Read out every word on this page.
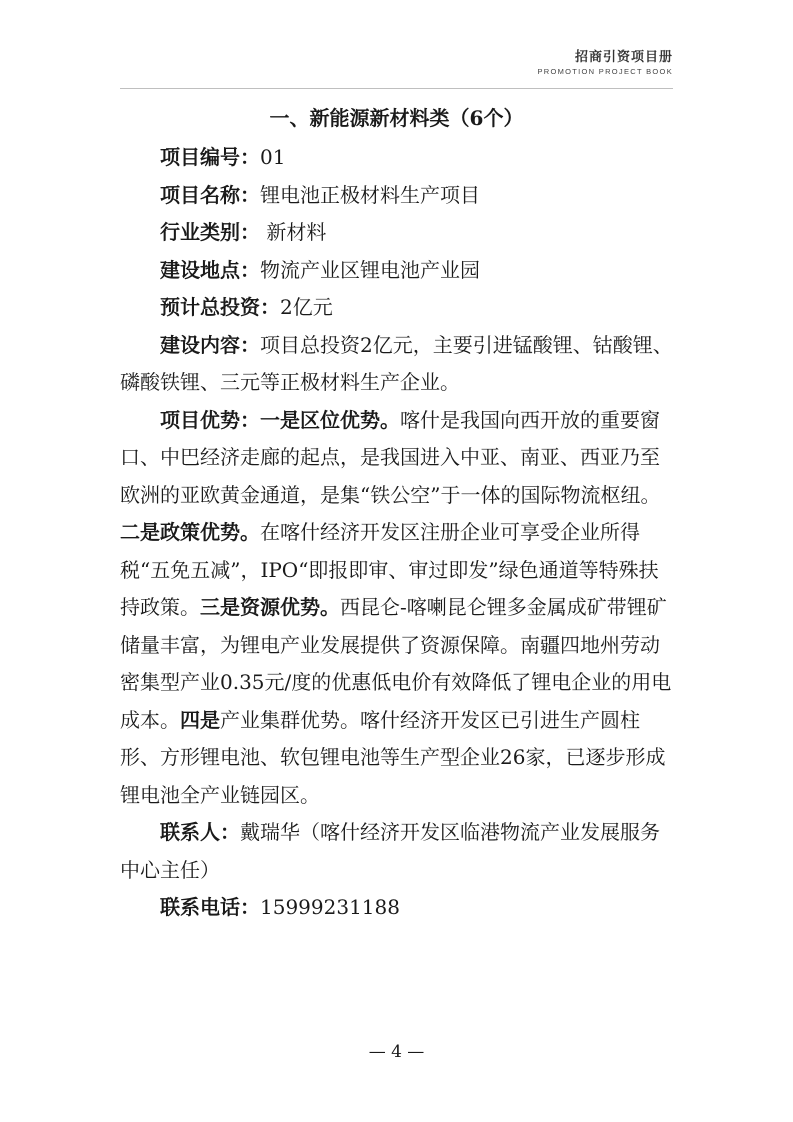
招商引资项目册
PROMOTION PROJECT BOOK
一、新能源新材料类（6个）

项目编号：01

项目名称：锂电池正极材料生产项目

行业类别： 新材料

建设地点：物流产业区锂电池产业园

预计总投资：2亿元

建设内容：项目总投资2亿元，主要引进锰酸锂、钴酸锂、磷酸铁锂、三元等正极材料生产企业。

项目优势：一是区位优势。喀什是我国向西开放的重要窗口、中巴经济走廊的起点，是我国进入中亚、南亚、西亚乃至欧洲的亚欧黄金通道，是集“铁公空”于一体的国际物流枢纽。二是政策优势。在喀什经济开发区注册企业可享受企业所得税“五免五减”，IPO“即报即审、审过即发”绿色通道等特殊扶持政策。三是资源优势。西昆仑-喀喇昆仑锂多金属成矿带锂矿储量丰富，为锂电产业发展提供了资源保障。南疆四地州劳动密集型产业0.35元/度的优惠低电价有效降低了锂电企业的用电成本。四是产业集群优势。喀什经济开发区已引进生产圆柱形、方形锂电池、软包锂电池等生产型企业26家，已逐步形成锂电池全产业链园区。

联系人：戴瑞华（喀什经济开发区临港物流产业发展服务中心主任）

联系电话：15999231188

— 4 —
